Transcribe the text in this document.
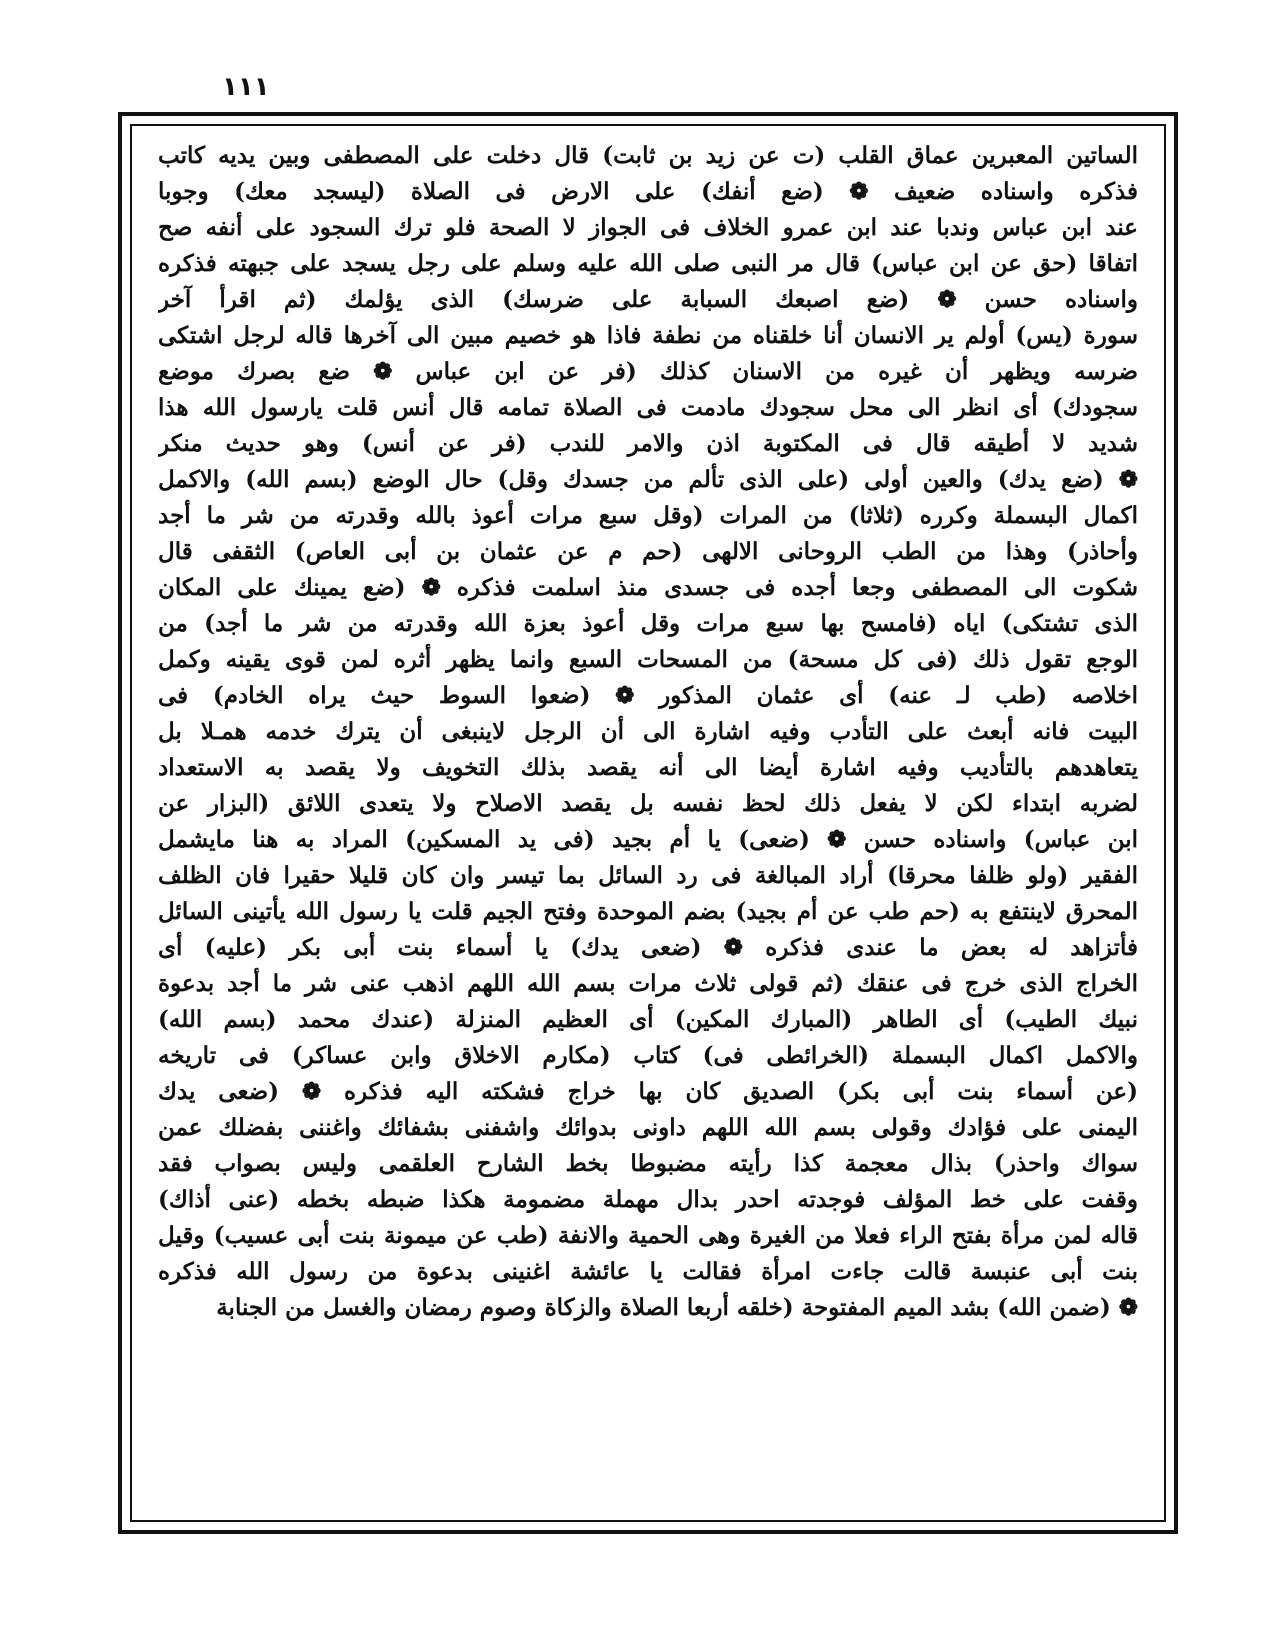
١١١
الساتين المعبرين عماق القلب (ت عن زيد بن ثابت) قال دخلت على المصطفى وبين يديه كاتب
فذكره واسناده ضعيف ❁ (ضع أنفك) على الارض فى الصلاة (ليسجد معك) وجوبا
عند ابن عباس وندبا عند ابن عمرو الخلاف فى الجواز لا الصحة فلو ترك السجود على أنفه صح
اتفاقا (حق عن ابن عباس) قال مر النبى صلى الله عليه وسلم على رجل يسجد على جبهته فذكره
واسناده حسن ❁ (ضع اصبعك السبابة على ضرسك) الذى يؤلمك (ثم اقرأ آخر
سورة (يس) أولم ير الانسان أنا خلقناه من نطفة فاذا هو خصيم مبين الى آخرها قاله لرجل اشتكى
ضرسه ويظهر أن غيره من الاسنان كذلك (فر عن ابن عباس ❁ ضع بصرك موضع
سجودك) أى انظر الى محل سجودك مادمت فى الصلاة تمامه قال أنس قلت يارسول الله هذا
شديد لا أطيقه قال فى المكتوبة اذن والامر للندب (فر عن أنس) وهو حديث منكر
❁ (ضع يدك) والعين أولى (على الذى تألم من جسدك وقل) حال الوضع (بسم الله) والاكمل
اكمال البسملة وكرره (ثلاثا) من المرات (وقل سبع مرات أعوذ بالله وقدرته من شر ما أجد
وأحاذر) وهذا من الطب الروحانى الالهى (حم م عن عثمان بن أبى العاص) الثقفى قال
شكوت الى المصطفى وجعا أجده فى جسدى منذ اسلمت فذكره ❁ (ضع يمينك على المكان
الذى تشتكى) اياه (فامسح بها سبع مرات وقل أعوذ بعزة الله وقدرته من شر ما أجد) من
الوجع تقول ذلك (فى كل مسحة) من المسحات السبع وانما يظهر أثره لمن قوى يقينه وكمل
اخلاصه (طب لـ عنه) أى عثمان المذكور ❁ (ضعوا السوط حيث يراه الخادم) فى
البيت فانه أبعث على التأدب وفيه اشارة الى أن الرجل لاينبغى أن يترك خدمه همـلا بل
يتعاهدهم بالتأديب وفيه اشارة أيضا الى أنه يقصد بذلك التخويف ولا يقصد به الاستعداد
لضربه ابتداء لكن لا يفعل ذلك لحظ نفسه بل يقصد الاصلاح ولا يتعدى اللائق (البزار عن
ابن عباس) واسناده حسن ❁ (ضعى) يا أم بجيد (فى يد المسكين) المراد به هنا مايشمل
الفقير (ولو ظلفا محرقا) أراد المبالغة فى رد السائل بما تيسر وان كان قليلا حقيرا فان الظلف
المحرق لاينتفع به (حم طب عن أم بجيد) بضم الموحدة وفتح الجيم قلت يا رسول الله يأتينى السائل
فأتزاهد له بعض ما عندى فذكره ❁ (ضعى يدك) يا أسماء بنت أبى بكر (عليه) أى
الخراج الذى خرج فى عنقك (ثم قولى ثلاث مرات بسم الله اللهم اذهب عنى شر ما أجد بدعوة
نبيك الطيب) أى الطاهر (المبارك المكين) أى العظيم المنزلة (عندك محمد (بسم الله)
والاكمل اكمال البسملة (الخرائطى فى) كتاب (مكارم الاخلاق وابن عساكر) فى تاريخه
(عن أسماء بنت أبى بكر) الصديق كان بها خراج فشكته اليه فذكره ❁ (ضعى يدك
اليمنى على فؤادك وقولى بسم الله اللهم داونى بدوائك واشفنى بشفائك واغننى بفضلك عمن
سواك واحذر) بذال معجمة كذا رأيته مضبوطا بخط الشارح العلقمى وليس بصواب فقد
وقفت على خط المؤلف فوجدته احدر بدال مهملة مضمومة هكذا ضبطه بخطه (عنى أذاك)
قاله لمن مرأة بفتح الراء فعلا من الغيرة وهى الحمية والانفة (طب عن ميمونة بنت أبى عسيب) وقيل
بنت أبى عنبسة قالت جاءت امرأة فقالت يا عائشة اغنينى بدعوة من رسول الله فذكره
❁ (ضمن الله) بشد الميم المفتوحة (خلقه أربعا الصلاة والزكاة وصوم رمضان والغسل من الجنابة
